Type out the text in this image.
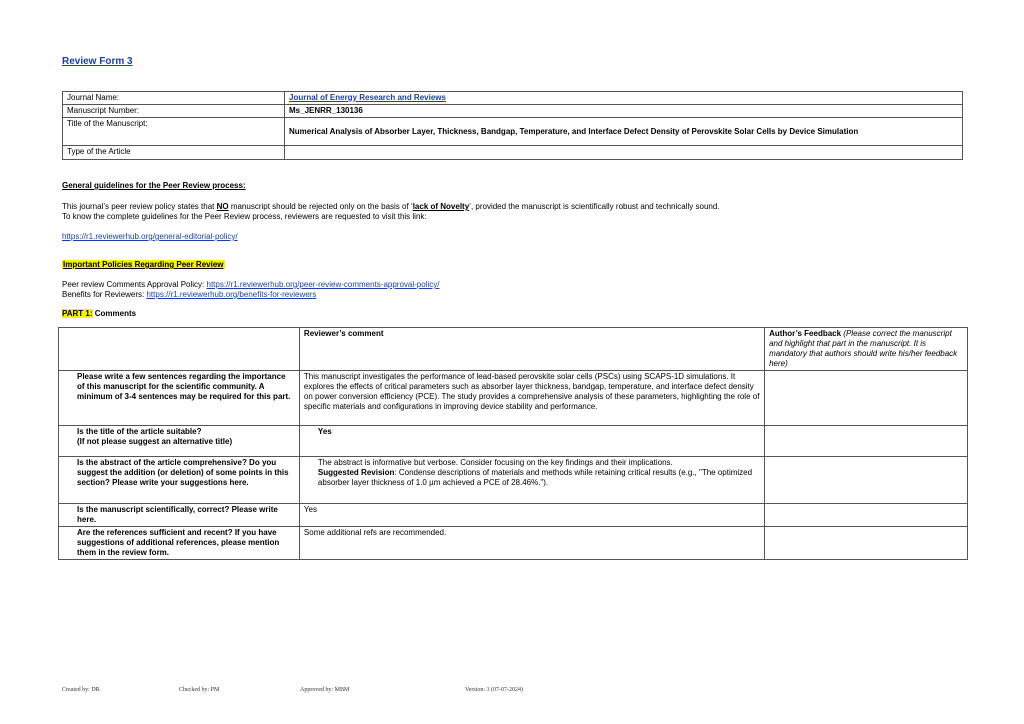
Review Form 3
Journal Name:	Journal of Energy Research and Reviews
Manuscript Number:	Ms_JENRR_130136
Title of the Manuscript:	Numerical Analysis of Absorber Layer, Thickness, Bandgap, Temperature, and Interface Defect Density of Perovskite Solar Cells by Device Simulation
Type of the Article	
General guidelines for the Peer Review process:

This journal’s peer review policy states that NO manuscript should be rejected only on the basis of ‘lack of Novelty’, provided the manuscript is scientifically robust and technically sound.

To know the complete guidelines for the Peer Review process, reviewers are requested to visit this link:

https://r1.reviewerhub.org/general-editorial-policy/

Important Policies Regarding Peer Review
Peer review Comments Approval Policy: https://r1.reviewerhub.org/peer-review-comments-approval-policy/
Benefits for Reviewers: https://r1.reviewerhub.org/benefits-for-reviewers
PART 1: Comments
	Reviewer’s comment	Author’s Feedback (Please correct the manuscript and highlight that part in the manuscript. It is mandatory that authors should write his/her feedback here)
Please write a few sentences regarding the importance of this manuscript for the scientific community. A minimum of 3-4 sentences may be required for this part.	This manuscript investigates the performance of lead-based perovskite solar cells (PSCs) using SCAPS-1D simulations. It explores the effects of critical parameters such as absorber layer thickness, bandgap, temperature, and interface defect density on power conversion efficiency (PCE). The study provides a comprehensive analysis of these parameters, highlighting the role of specific materials and configurations in improving device stability and performance.	

Is the title of the article suitable?
(If not please suggest an alternative title)	Yes	
Is the abstract of the article comprehensive? Do you suggest the addition (or deletion) of some points in this section? Please write your suggestions here.	The abstract is informative but verbose. Consider focusing on the key findings and their implications.
Suggested Revision: Condense descriptions of materials and methods while retaining critical results (e.g., "The optimized absorber layer thickness of 1.0 µm achieved a PCE of 28.46%.").	

Is the manuscript scientifically, correct? Please write here.	Yes	
Are the references sufficient and recent? If you have suggestions of additional references, please mention them in the review form.	Some additional refs are recommended.	
Created by: DR	Checked by: PM	Approved by: MBM	Version: 3 (07-07-2024)
